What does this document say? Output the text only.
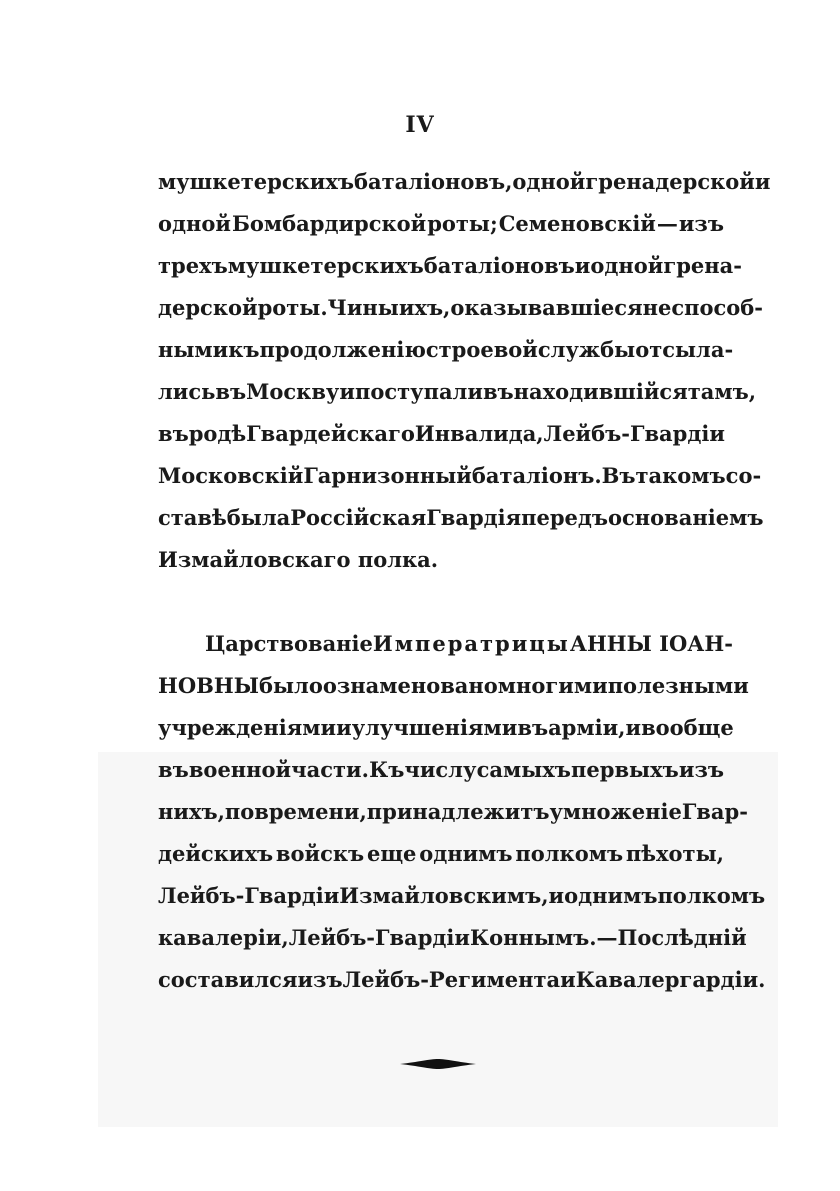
IV
мушкетерскихъ баталіоновъ, одной гренадерской и
одной Бомбардирской роты; Семеновскій — изъ
трехъ мушкетерскихъ баталіоновъ и одной грена-
дерской роты. Чины ихъ, оказывавшіеся неспособ-
ными къ продолженію строевой службы отсыла-
лись въ Москву и поступали въ находившійся тамъ,
въ родѣ Гвардейскаго Инвалида, Лейбъ-Гвардіи
Московскій Гарнизонный баталіонъ. Въ такомъ со-
ставѣ была Россійская Гвардія передъ основаніемъ
Измайловскаго полка.
Царствованіе Императрицы АННЫ ІОАН-
НОВНЫ было ознаменовано многими полезными
учрежденіями и улучшеніями въ арміи, и вообще
въ военной части. Къ числу самыхъ первыхъ изъ
нихъ, по времени, принадлежитъ умноженіе Гвар-
дейскихъ войскъ еще однимъ полкомъ пѣхоты,
Лейбъ-Гвардіи Измайловскимъ, и однимъ полкомъ
кавалеріи, Лейбъ-Гвардіи Коннымъ. — Послѣдній
составился изъ Лейбъ-Регимента и Кавалергардіи.
